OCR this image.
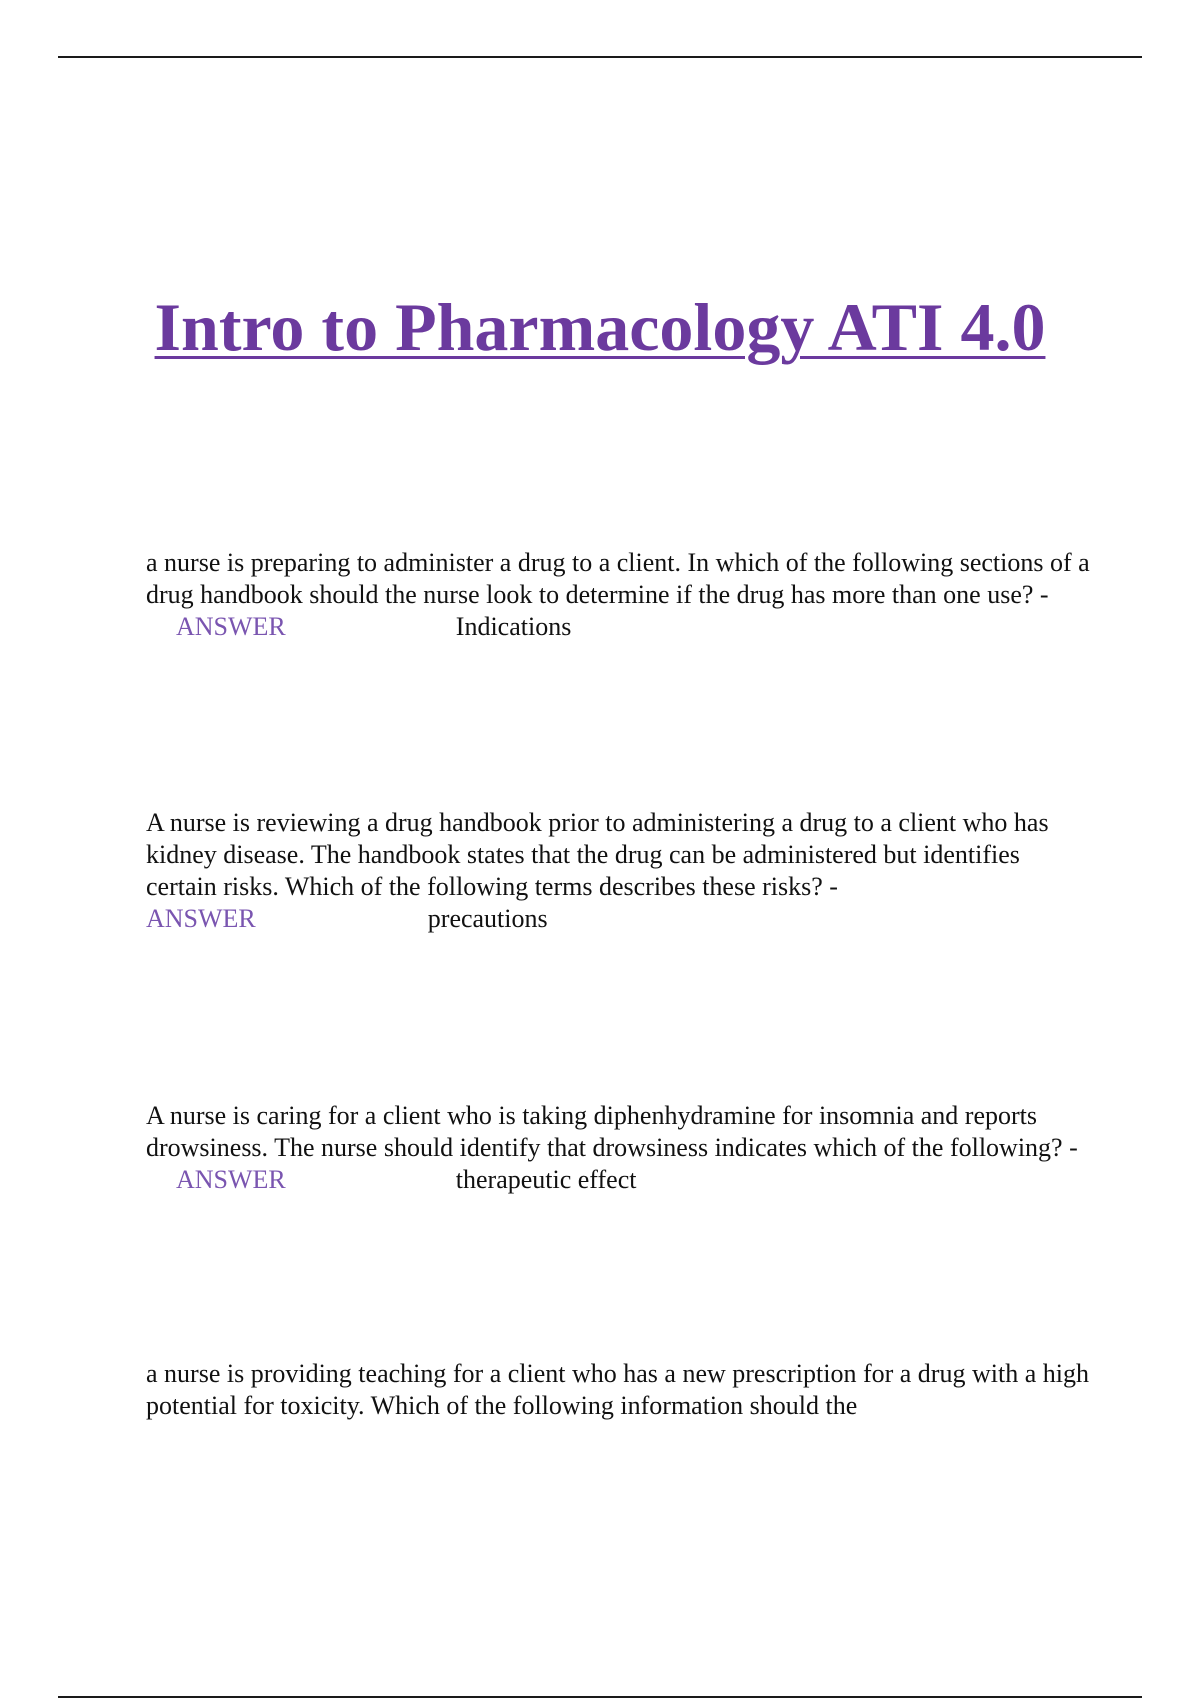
Intro to Pharmacology ATI 4.0

a nurse is preparing to administer a drug to a client. In which of the following sections of a drug handbook should the nurse look to determine if the drug has more than one use? -ANSWER	Indications

A nurse is reviewing a drug handbook prior to administering a drug to a client who has kidney disease. The handbook states that the drug can be administered but identifies certain risks. Which of the following terms describes these risks? -
ANSWER	precautions

A nurse is caring for a client who is taking diphenhydramine for insomnia and reports drowsiness. The nurse should identify that drowsiness indicates which of the following? -ANSWER	therapeutic effect

a nurse is providing teaching for a client who has a new prescription for a drug with a high potential for toxicity. Which of the following information should the
